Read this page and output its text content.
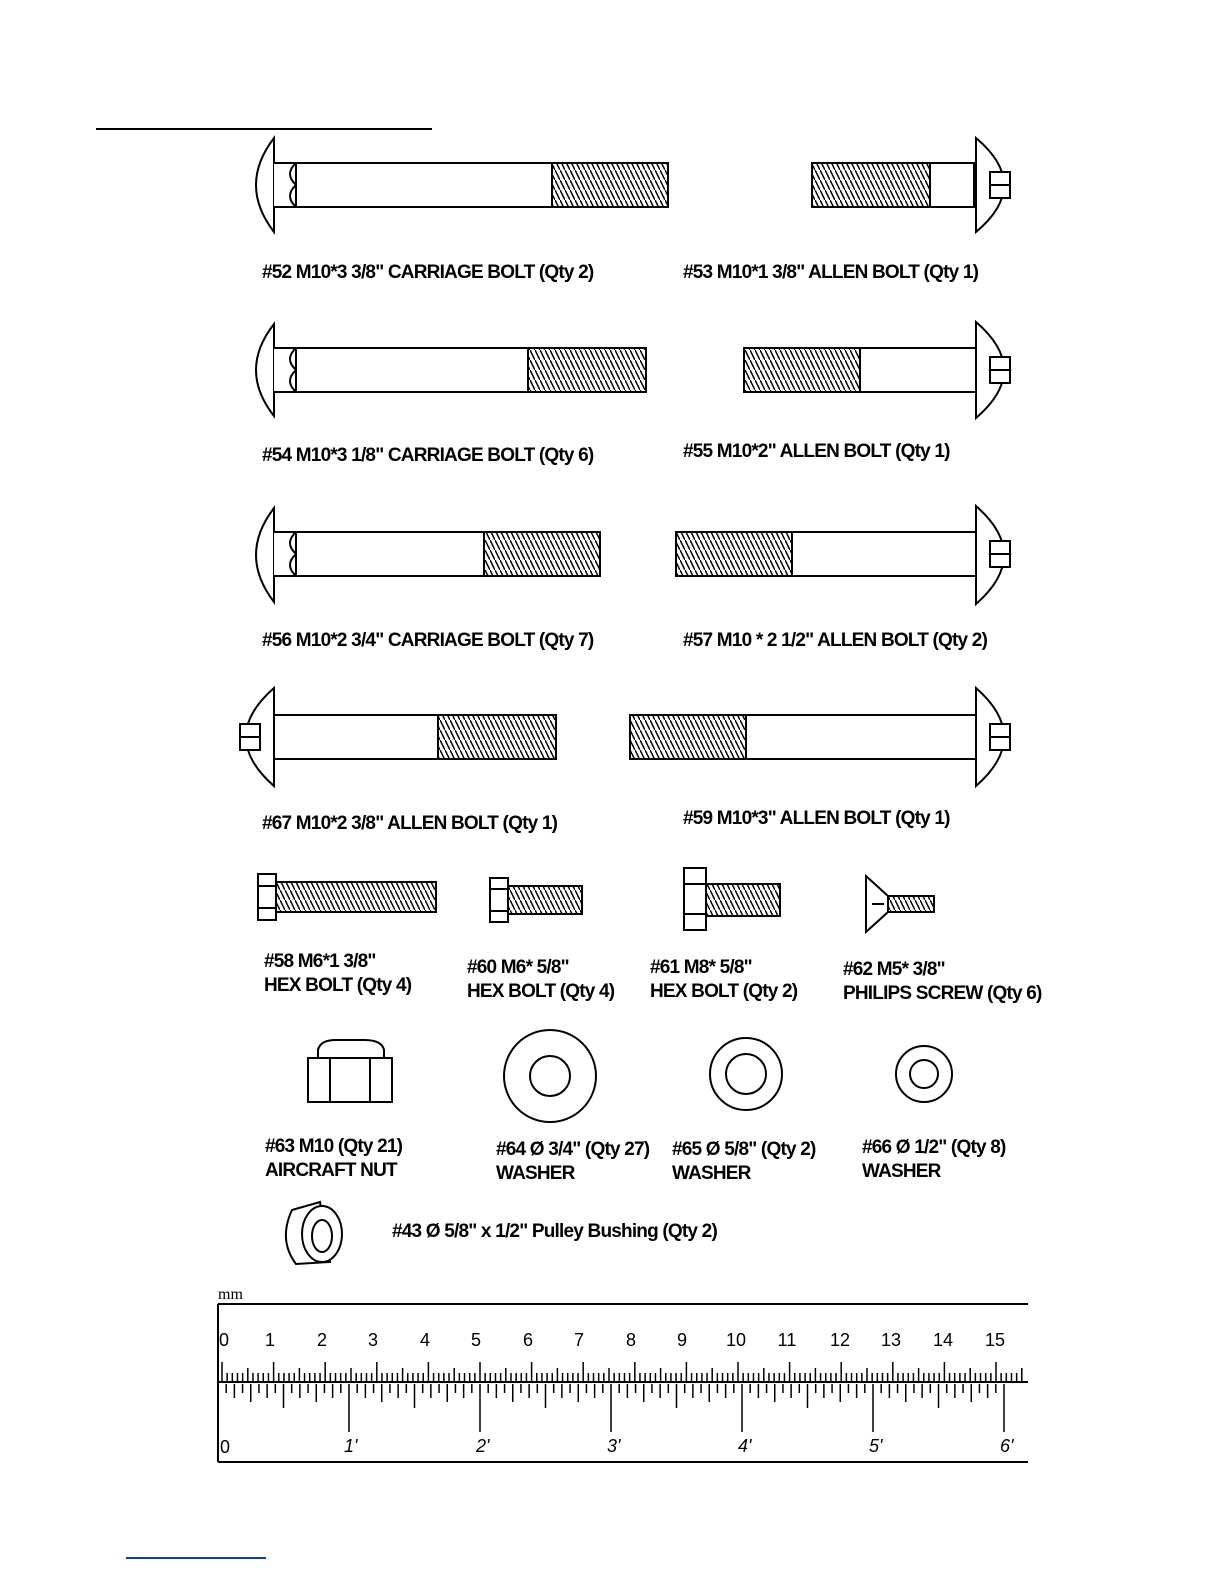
#52 M10*3 3/8" CARRIAGE BOLT (Qty 2)	#53 M10*1 3/8" ALLEN BOLT (Qty 1)
#54 M10*3 1/8" CARRIAGE BOLT (Qty 6)	#55 M10*2" ALLEN BOLT (Qty 1)
#56 M10*2 3/4" CARRIAGE BOLT (Qty 7)	#57 M10 * 2 1/2" ALLEN BOLT (Qty 2)
#67 M10*2 3/8" ALLEN BOLT (Qty 1)	#59 M10*3" ALLEN BOLT (Qty 1)
#58 M6*1 3/8"
HEX BOLT (Qty 4)
#60 M6* 5/8"
HEX BOLT (Qty 4)
#61 M8* 5/8"
HEX BOLT (Qty 2)
#62 M5* 3/8"
PHILIPS SCREW (Qty 6)
#63 M10 (Qty 21)
AIRCRAFT NUT
#64 Ø 3/4" (Qty 27)
WASHER
#65 Ø 5/8" (Qty 2)
WASHER
#66 Ø 1/2" (Qty 8)
WASHER
#43 Ø 5/8" x 1/2" Pulley Bushing (Qty 2)
mm
0 1 2 3 4 5 6 7 8 9 10 11 12 13 14 15
0	1'	2'	3'	4'	5'	6'
